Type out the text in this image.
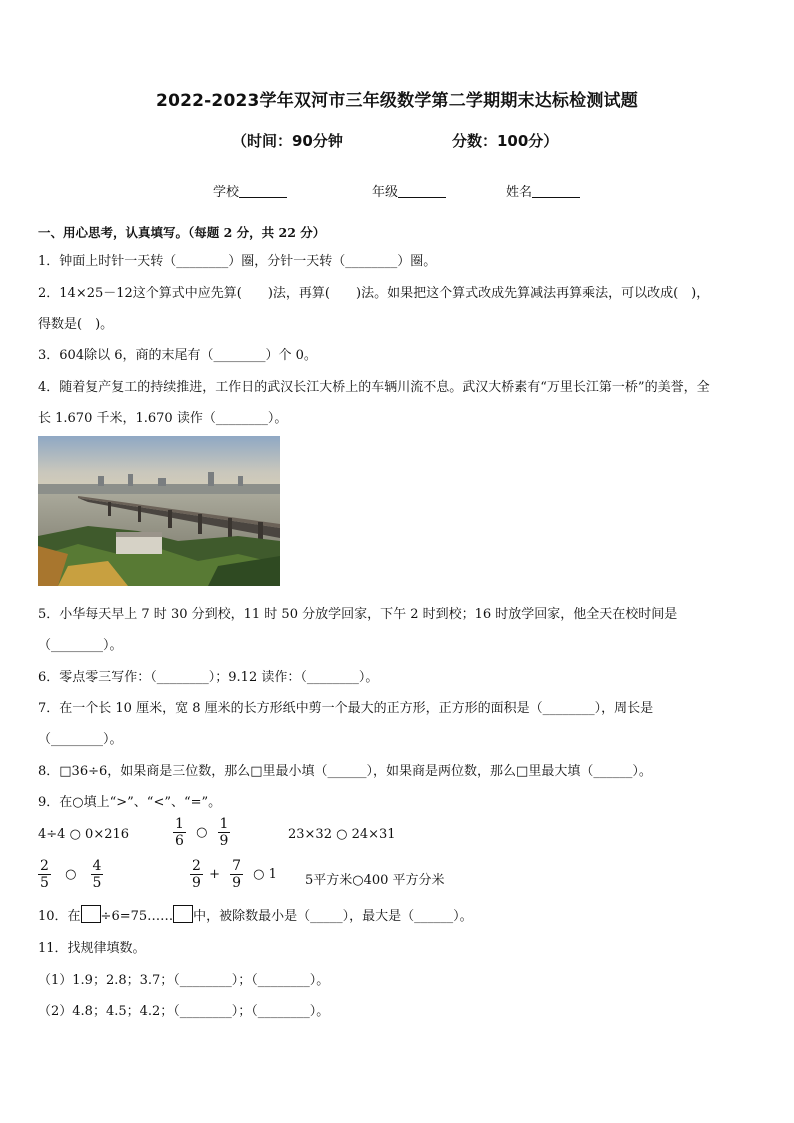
2022-2023学年双河市三年级数学第二学期期末达标检测试题
（时间：90分钟	分数：100分）
学校	年级	姓名
一、用心思考，认真填写。（每题 2 分，共 22 分）
1．钟面上时针一天转（________）圈，分针一天转（________）圈。
2．14×25－12这个算式中应先算(　　)法，再算(　　)法。如果把这个算式改成先算减法再算乘法，可以改成(　)，
得数是(　)。
3．604除以 6，商的末尾有（________）个 0。
4．随着复产复工的持续推进，工作日的武汉长江大桥上的车辆川流不息。武汉大桥素有“万里长江第一桥”的美誉，全
长 1.670 千米，1.670 读作（________）。
5．小华每天早上 7 时 30 分到校，11 时 50 分放学回家，下午 2 时到校；16 时放学回家，他全天在校时间是
（________）。
6．零点零三写作：（________）；9.12 读作：（________）。
7．在一个长 10 厘米，宽 8 厘米的长方形纸中剪一个最大的正方形，正方形的面积是（________），周长是
（________）。
8．□36÷6，如果商是三位数，那么□里最小填（______），如果商是两位数，那么□里最大填（______）。
9．在○填上“>”、“<”、“=”。
4÷4 ○ 0×216	$\frac{1}{6}$ ○ $\frac{1}{9}$	23×32 ○ 24×31
$\frac{2}{5}$ ○ $\frac{4}{5}$	$\frac{2}{9} + \frac{7}{9}$ ○ 1 5平方米○400 平方分米
10．在 ÷6=75…… 中，被除数最小是（_____），最大是（______）。
11．找规律填数。
（1）1.9；2.8；3.7；（________）；（________）。
（2）4.8；4.5；4.2；（________）；（________）。
